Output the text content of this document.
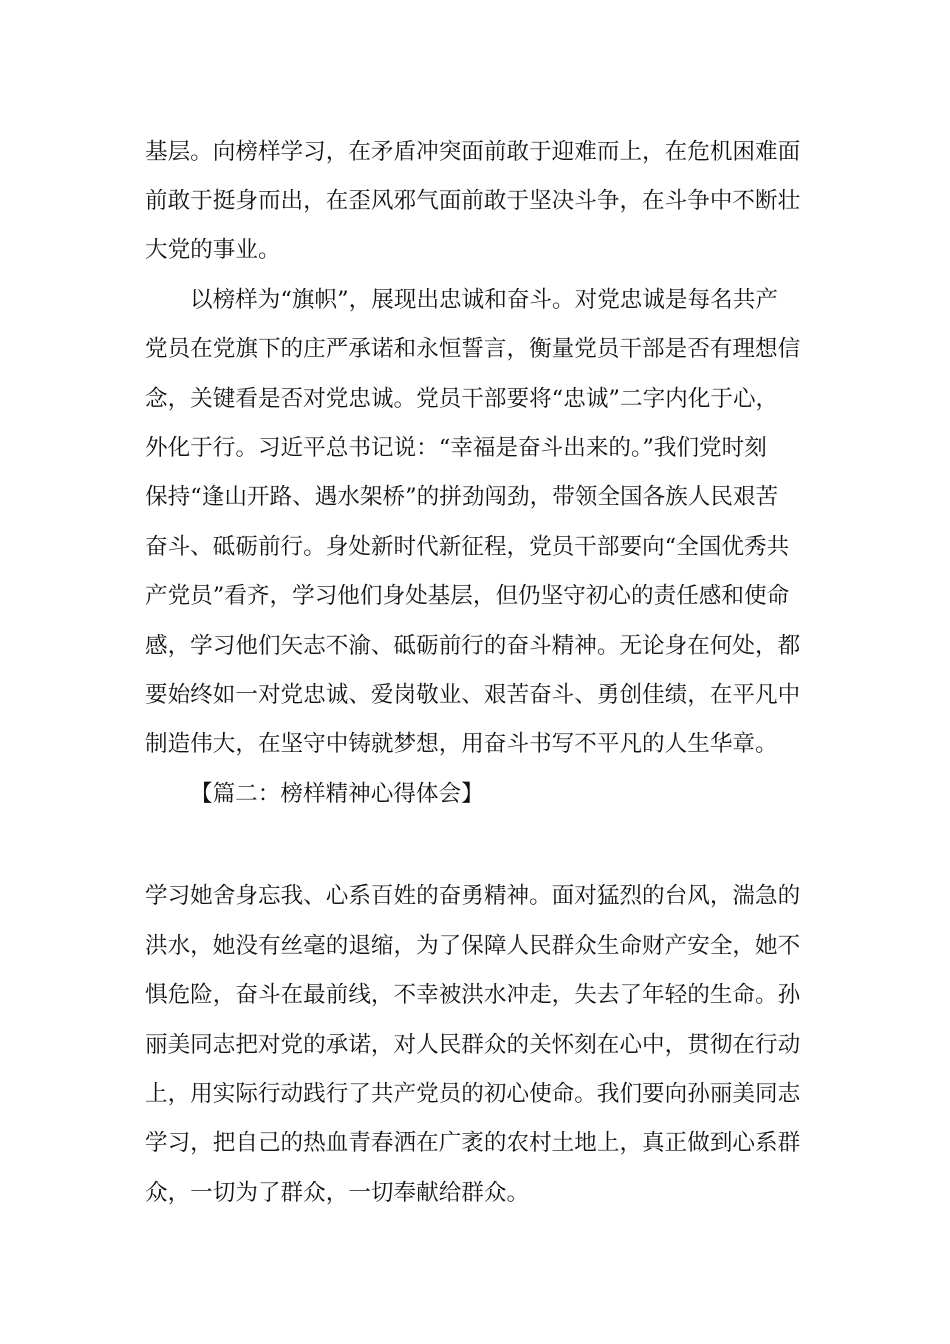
基层。向榜样学习，在矛盾冲突面前敢于迎难而上，在危机困难面
前敢于挺身而出，在歪风邪气面前敢于坚决斗争，在斗争中不断壮
大党的事业。
以榜样为“旗帜”，展现出忠诚和奋斗。对党忠诚是每名共产
党员在党旗下的庄严承诺和永恒誓言，衡量党员干部是否有理想信
念，关键看是否对党忠诚。党员干部要将“忠诚”二字内化于心，
外化于行。习近平总书记说：“幸福是奋斗出来的。”我们党时刻
保持“逢山开路、遇水架桥”的拼劲闯劲，带领全国各族人民艰苦
奋斗、砥砺前行。身处新时代新征程，党员干部要向“全国优秀共
产党员”看齐，学习他们身处基层，但仍坚守初心的责任感和使命
感，学习他们矢志不渝、砥砺前行的奋斗精神。无论身在何处，都
要始终如一对党忠诚、爱岗敬业、艰苦奋斗、勇创佳绩，在平凡中
制造伟大，在坚守中铸就梦想，用奋斗书写不平凡的人生华章。
【篇二：榜样精神心得体会】
学习她舍身忘我、心系百姓的奋勇精神。面对猛烈的台风，湍急的
洪水，她没有丝毫的退缩，为了保障人民群众生命财产安全，她不
惧危险，奋斗在最前线，不幸被洪水冲走，失去了年轻的生命。孙
丽美同志把对党的承诺，对人民群众的关怀刻在心中，贯彻在行动
上，用实际行动践行了共产党员的初心使命。我们要向孙丽美同志
学习，把自己的热血青春洒在广袤的农村土地上，真正做到心系群
众，一切为了群众，一切奉献给群众。
